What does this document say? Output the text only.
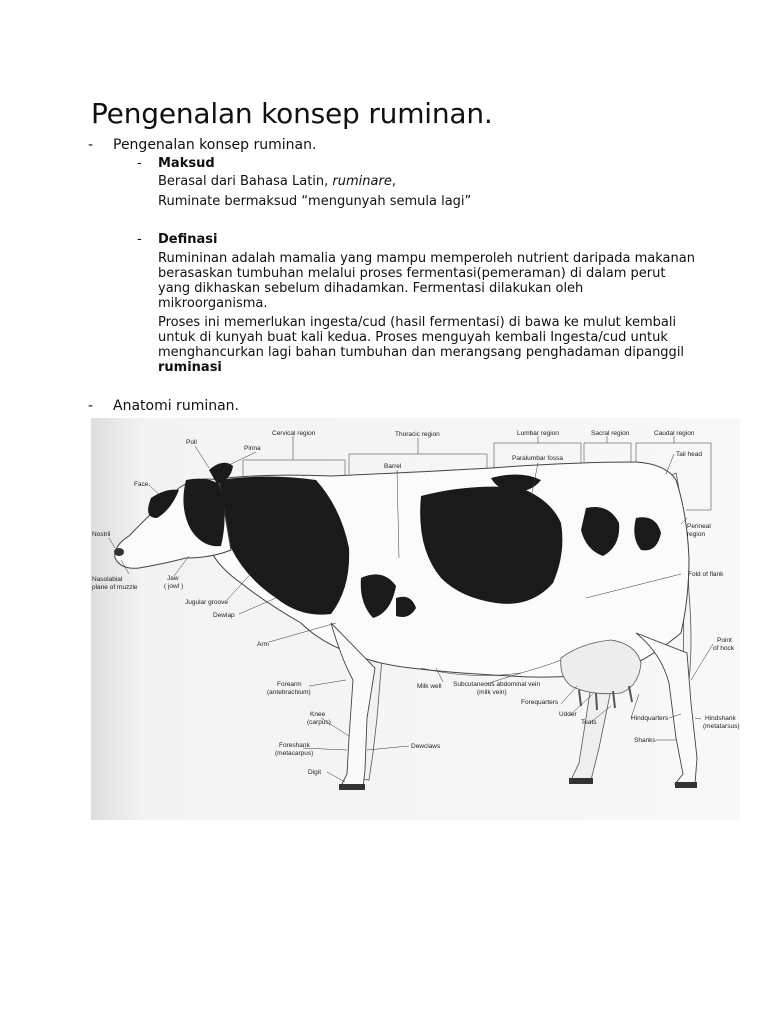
Pengenalan konsep ruminan.
- Pengenalan konsep ruminan.
- Maksud
Berasal dari Bahasa Latin, ruminare,
Ruminate bermaksud “mengunyah semula lagi”
- Definasi
Rumininan adalah mamalia yang mampu memperoleh nutrient daripada makanan
berasaskan tumbuhan melalui proses fermentasi(pemeraman) di dalam perut
yang dikhaskan sebelum dihadamkan. Fermentasi dilakukan oleh
mikroorganisma.
Proses ini memerlukan ingesta/cud (hasil fermentasi) di bawa ke mulut kembali
untuk di kunyah buat kali kedua. Proses menguyah kembali Ingesta/cud untuk
menghancurkan lagi bahan tumbuhan dan merangsang penghadaman dipanggil
ruminasi
- Anatomi ruminan.
Poll
Pinna
Cervical region	Thoracic region	Lumbar region	Sacral region	Caudal region
Barrel
Paralumbar fossa
Tail head
Face
Nostril
Nasolabial
plane of muzzle
Jaw
( jowl )
Jugular groove
Dewlap
Arm
Perineal
region
Fold of flank
Point
of hock
Forearm
(antebrachium)
Milk well Subcutaneous abdominal vein
(milk vein)
Forequarters
Udder
Teats
Hindquarters	Hindshank
(metatarsus)
Knee
(carpus)
Shanks
Foreshank
(metacarpus)
Dewclaws
Digit
